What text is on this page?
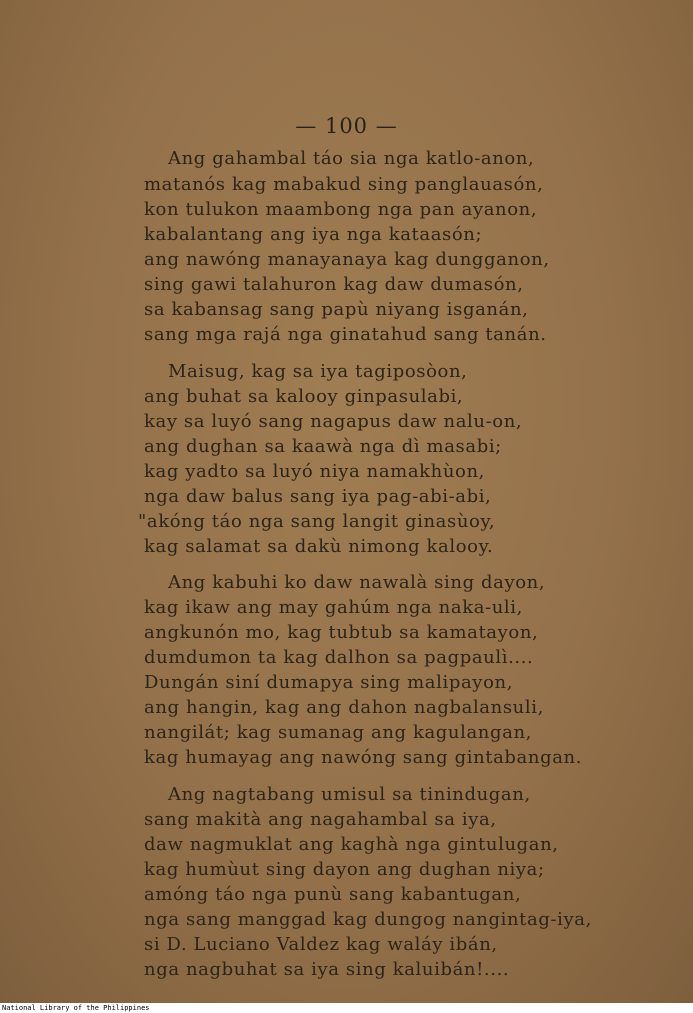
— 100 —
Ang gahambal táo sia nga katlo-anon,
matanós kag mabakud sing panglauasón,
kon tulukon maambong nga pan ayanon,
kabalantang ang iya nga kataasón;
ang nawóng manayanaya kag dungganon,
sing gawi talahuron kag daw dumasón,
sa kabansag sang papù niyang isganán,
sang mga rajá nga ginatahud sang tanán.
Maisug, kag sa iya tagiposòon,
ang buhat sa kalooy ginpasulabi,
kay sa luyó sang nagapus daw nalu-on,
ang dughan sa kaawà nga dì masabi;
kag yadto sa luyó niya namakhùon,
nga daw balus sang iya pag-abi-abi,
"akóng táo nga sang langit ginasùoy,
kag salamat sa dakù nimong kalooy.
Ang kabuhi ko daw nawalà sing dayon,
kag ikaw ang may gahúm nga naka-uli,
angkunón mo, kag tubtub sa kamatayon,
dumdumon ta kag dalhon sa pagpaulì....
Dungán siní dumapya sing malipayon,
ang hangin, kag ang dahon nagbalansuli,
nangilát; kag sumanag ang kagulangan,
kag humayag ang nawóng sang gintabangan.
Ang nagtabang umisul sa tinindugan,
sang makità ang nagahambal sa iya,
daw nagmuklat ang kaghà nga gintulugan,
kag humùut sing dayon ang dughan niya;
amóng táo nga punù sang kabantugan,
nga sang manggad kag dungog nangintag-iya,
si D. Luciano Valdez kag waláy ibán,
nga nagbuhat sa iya sing kaluibán!....
National Library of the Philippines
